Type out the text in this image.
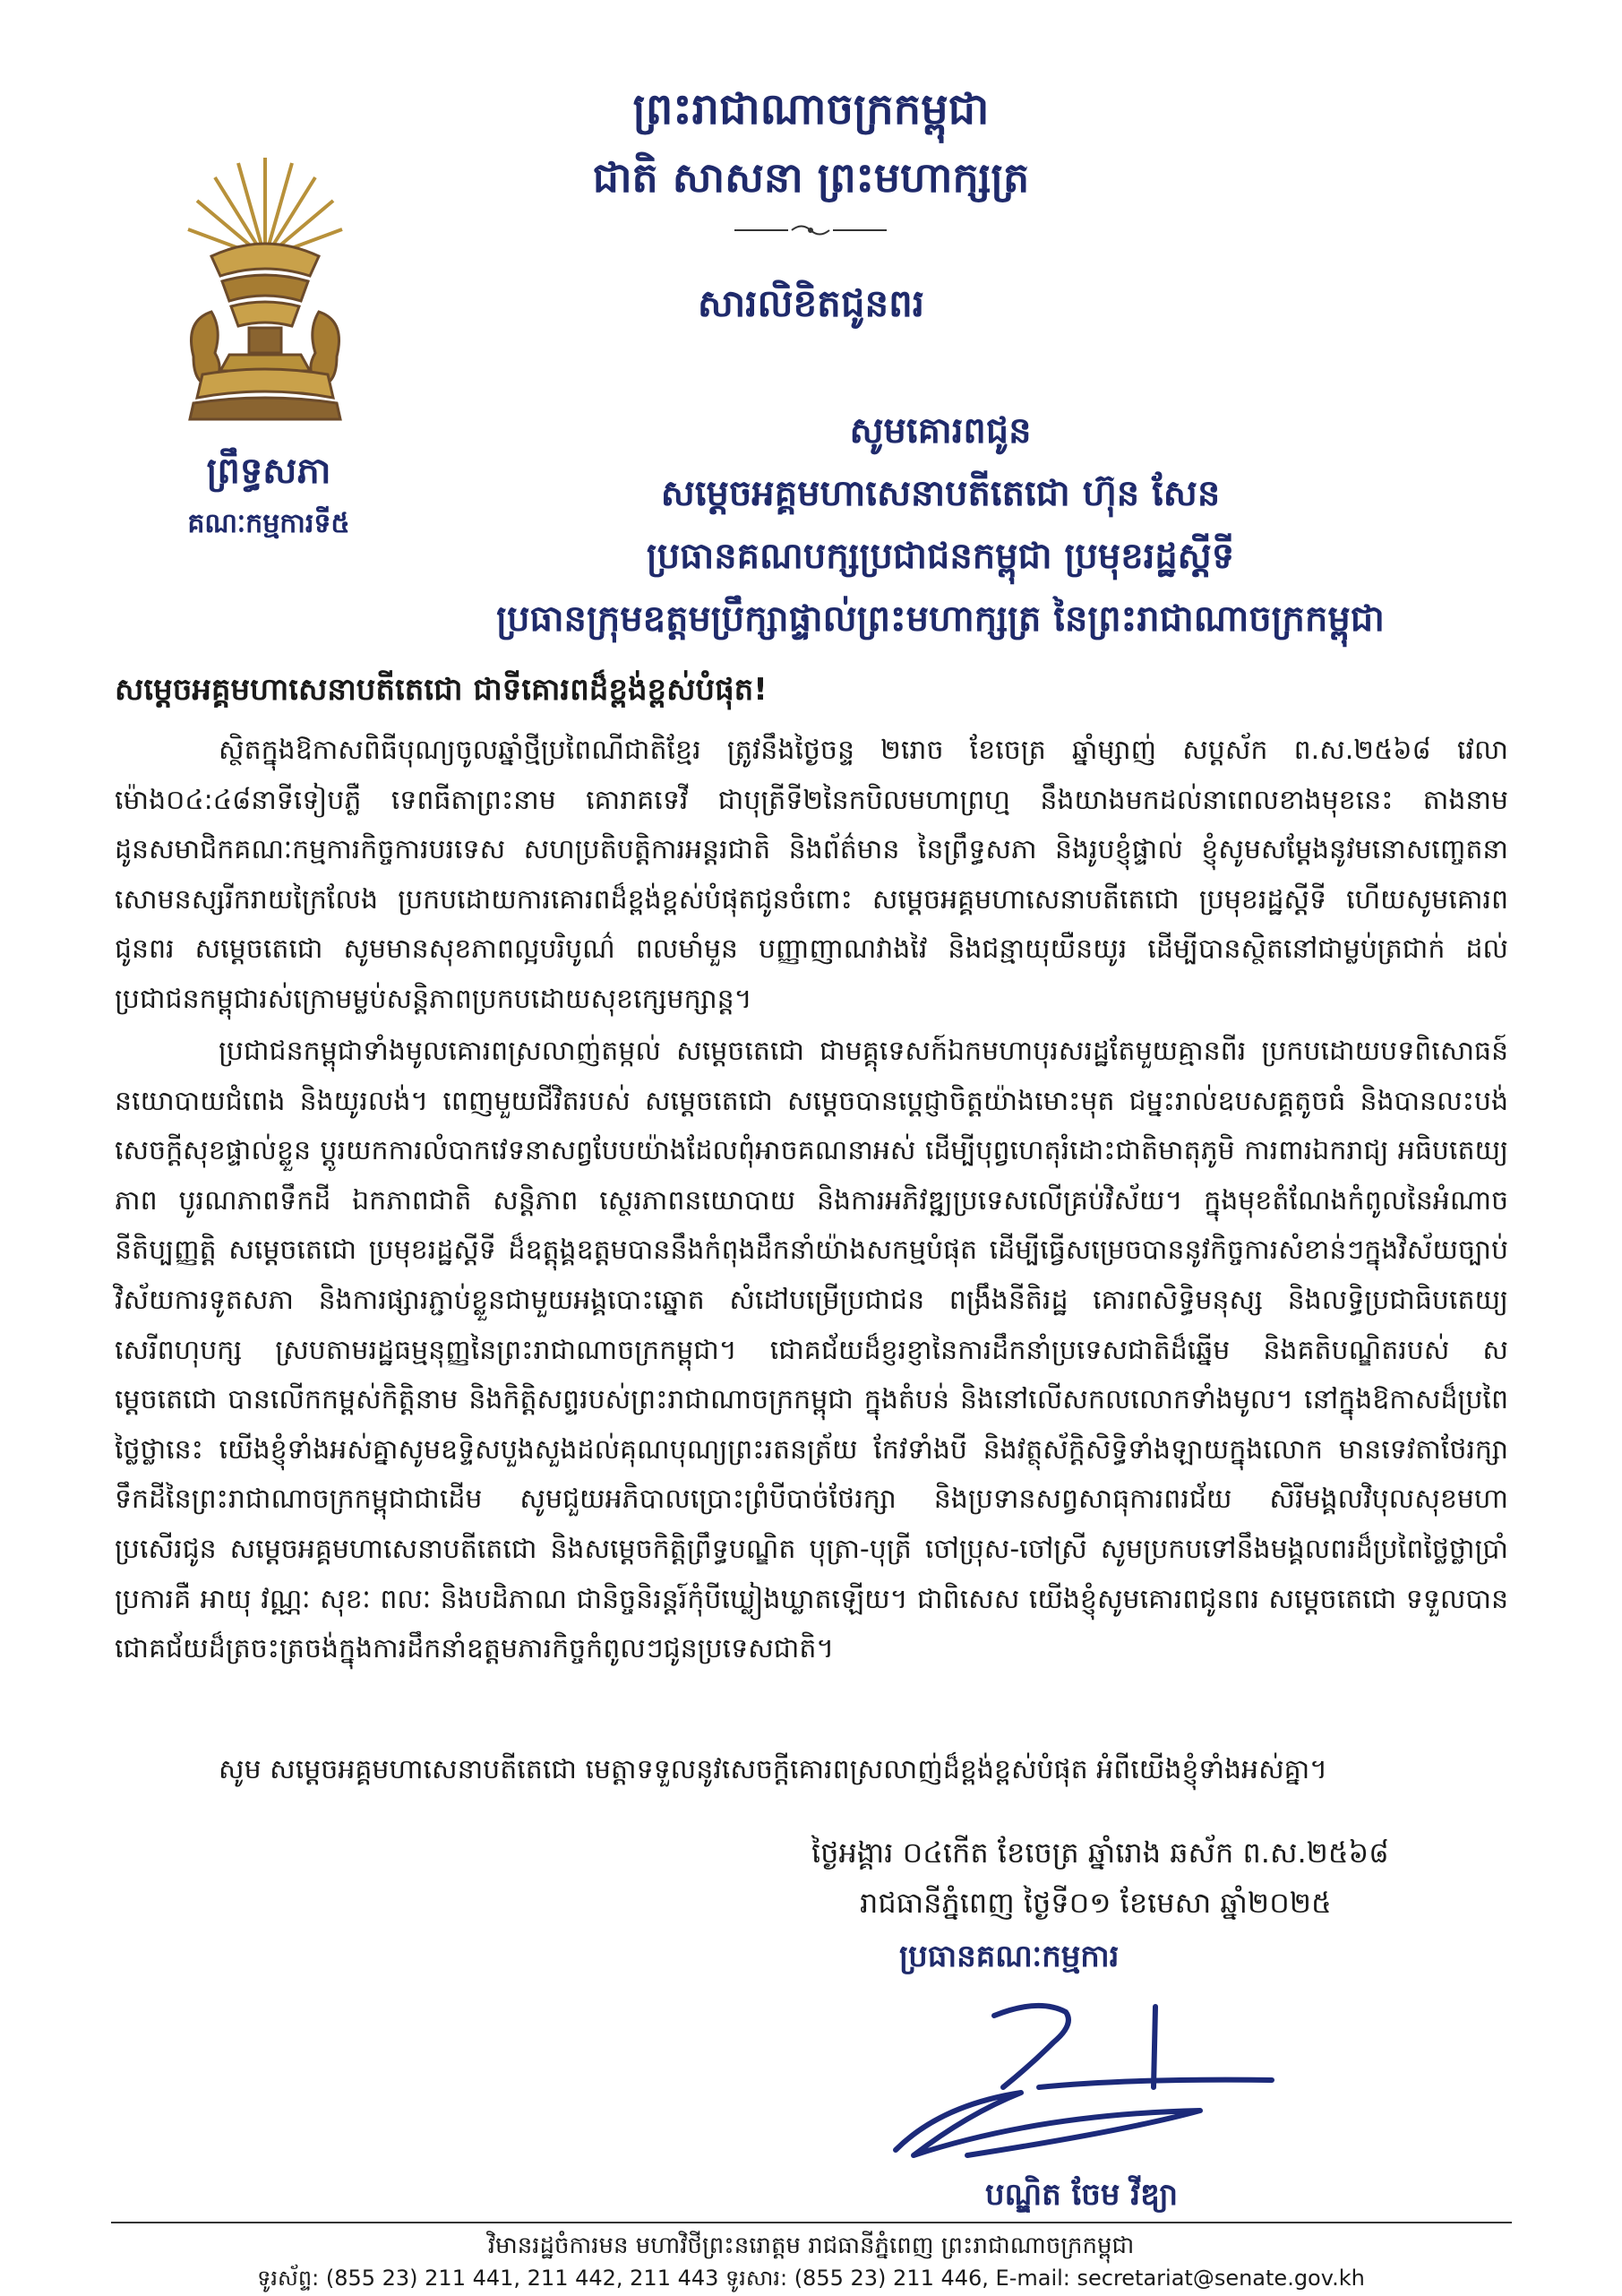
ព្រះរាជាណាចក្រកម្ពុជា
ជាតិ សាសនា ព្រះមហាក្សត្រ
សារលិខិតជូនពរ
ព្រឹទ្ធសភា
គណៈកម្មការទី៥
សូមគោរពជូន
សម្តេចអគ្គមហាសេនាបតីតេជោ ហ៊ុន សែន
ប្រធានគណបក្សប្រជាជនកម្ពុជា ប្រមុខរដ្ឋស្តីទី
ប្រធានក្រុមឧត្តមប្រឹក្សាផ្ទាល់ព្រះមហាក្សត្រ នៃព្រះរាជាណាចក្រកម្ពុជា
សម្តេចអគ្គមហាសេនាបតីតេជោ ជាទីគោរពដ៏ខ្ពង់ខ្ពស់បំផុត!
ស្ថិតក្នុងឱកាសពិធីបុណ្យចូលឆ្នាំថ្មីប្រពៃណីជាតិខ្មែរ ត្រូវនឹងថ្ងៃចន្ទ ២រោច ខែចេត្រ ឆ្នាំម្សាញ់ សប្តស័ក ព.ស.២៥៦៨ វេលាម៉ោង០៤:៤៨នាទីទៀបភ្លឺ ទេពធីតាព្រះនាម គោរាគទេវី ជាបុត្រីទី២នៃកបិលមហាព្រហ្ម នឹងយាងមកដល់នាពេលខាងមុខនេះ តាងនាមដូនសមាជិកគណៈកម្មការកិច្ចការបរទេស សហប្រតិបត្តិការអន្តរជាតិ និងព័ត៌មាន នៃព្រឹទ្ធសភា និងរូបខ្ញុំផ្ទាល់ ខ្ញុំសូមសម្តែងនូវមនោសញ្ចេតនាសោមនស្សរីករាយក្រៃលែង ប្រកបដោយការគោរពដ៏ខ្ពង់ខ្ពស់បំផុតជូនចំពោះ សម្តេចអគ្គមហាសេនាបតីតេជោ ប្រមុខរដ្ឋស្តីទី ហើយសូមគោរពជូនពរ សម្តេចតេជោ សូមមានសុខភាពល្អបរិបូណ៌ ពលមាំមួន បញ្ញាញាណវាងវៃ និងជន្មាយុយឺនយូរ ដើម្បីបានស្ថិតនៅជាម្លប់ត្រជាក់ ដល់ប្រជាជនកម្ពុជារស់ក្រោមម្លប់សន្តិភាពប្រកបដោយសុខក្សេមក្សាន្ត។
ប្រជាជនកម្ពុជាទាំងមូលគោរពស្រលាញ់តម្កល់ សម្តេចតេជោ ជាមគ្គុទេសក៍ឯកមហាបុរសរដ្ឋតែមួយគ្មានពីរ ប្រកបដោយបទពិសោធន៍នយោបាយជំពេង និងយូរលង់។ ពេញមួយជីវិតរបស់ សម្តេចតេជោ សម្តេចបានប្តេជ្ញាចិត្តយ៉ាងមោះមុត ជម្នះរាល់ឧបសគ្គតូចធំ និងបានលះបង់សេចក្តីសុខផ្ទាល់ខ្លួន ប្តូរយកការលំបាកវេទនាសព្វបែបយ៉ាងដែលពុំអាចគណនាអស់ ដើម្បីបុព្វហេតុរំដោះជាតិមាតុភូមិ ការពារឯករាជ្យ អធិបតេយ្យភាព បូរណភាពទឹកដី ឯកភាពជាតិ សន្តិភាព ស្ថេរភាពនយោបាយ និងការអភិវឌ្ឍប្រទេសលើគ្រប់វិស័យ។ ក្នុងមុខតំណែងកំពូលនៃអំណាចនីតិប្បញ្ញត្តិ សម្តេចតេជោ ប្រមុខរដ្ឋស្តីទី ដ៏ឧត្តុង្គឧត្តមបាននឹងកំពុងដឹកនាំយ៉ាងសកម្មបំផុត ដើម្បីធ្វើសម្រេចបាននូវកិច្ចការសំខាន់ៗក្នុងវិស័យច្បាប់ វិស័យការទូតសភា និងការផ្សារភ្ជាប់ខ្លួនជាមួយអង្គបោះឆ្នោត សំដៅបម្រើប្រជាជន ពង្រឹងនីតិរដ្ឋ គោរពសិទ្ធិមនុស្ស និងលទ្ធិប្រជាធិបតេយ្យសេរីពហុបក្ស ស្របតាមរដ្ឋធម្មនុញ្ញនៃព្រះរាជាណាចក្រកម្ពុជា។ ជោគជ័យដ៏ខ្ញរខ្ញានៃការដឹកនាំប្រទេសជាតិដ៏ឆ្នើម និងគតិបណ្ឌិតរបស់ សម្តេចតេជោ បានលើកកម្ពស់កិត្តិនាម និងកិត្តិសព្ទរបស់ព្រះរាជាណាចក្រកម្ពុជា ក្នុងតំបន់ និងនៅលើសកលលោកទាំងមូល។ នៅក្នុងឱកាសដ៏ប្រពៃថ្លៃថ្លានេះ យើងខ្ញុំទាំងអស់គ្នាសូមឧទ្ទិសបួងសួងដល់គុណបុណ្យព្រះរតនត្រ័យ កែវទាំងបី និងវត្ថុស័ក្តិសិទ្ធិទាំងឡាយក្នុងលោក មានទេវតាថែរក្សាទឹកដីនៃព្រះរាជាណាចក្រកម្ពុជាជាដើម សូមជួយអភិបាលប្រោះព្រំបីបាច់ថែរក្សា និងប្រទានសព្វសាធុការពរជ័យ សិរីមង្គលវិបុលសុខមហាប្រសើរជូន សម្តេចអគ្គមហាសេនាបតីតេជោ និងសម្តេចកិត្តិព្រឹទ្ធបណ្ឌិត បុត្រា-បុត្រី ចៅប្រុស-ចៅស្រី សូមប្រកបទៅនឹងមង្គលពរដ៏ប្រពៃថ្លៃថ្លាប្រាំប្រការគឺ អាយុ វណ្ណៈ សុខៈ ពលៈ និងបដិភាណ ជានិច្ចនិរន្តរ៍កុំបីឃ្លៀងឃ្លាតឡើយ។ ជាពិសេស យើងខ្ញុំសូមគោរពជូនពរ សម្តេចតេជោ ទទួលបានជោគជ័យដ៏ត្រចះត្រចង់ក្នុងការដឹកនាំឧត្តមភារកិច្ចកំពូលៗជូនប្រទេសជាតិ។
សូម សម្តេចអគ្គមហាសេនាបតីតេជោ មេត្តាទទួលនូវសេចក្តីគោរពស្រលាញ់ដ៏ខ្ពង់ខ្ពស់បំផុត អំពីយើងខ្ញុំទាំងអស់គ្នា។
ថ្ងៃអង្គារ ០៤កើត ខែចេត្រ ឆ្នាំរោង ឆស័ក ព.ស.២៥៦៨
រាជធានីភ្នំពេញ ថ្ងៃទី០១ ខែមេសា ឆ្នាំ២០២៥
ប្រធានគណៈកម្មការ
បណ្ឌិត ចែម វីឌ្យា
វិមានរដ្ឋចំការមន មហាវិថីព្រះនរោត្តម រាជធានីភ្នំពេញ ព្រះរាជាណាចក្រកម្ពុជា
ទូរស័ព្ទ: (855 23) 211 441, 211 442, 211 443 ទូរសារ: (855 23) 211 446, E-mail: secretariat@senate.gov.kh
